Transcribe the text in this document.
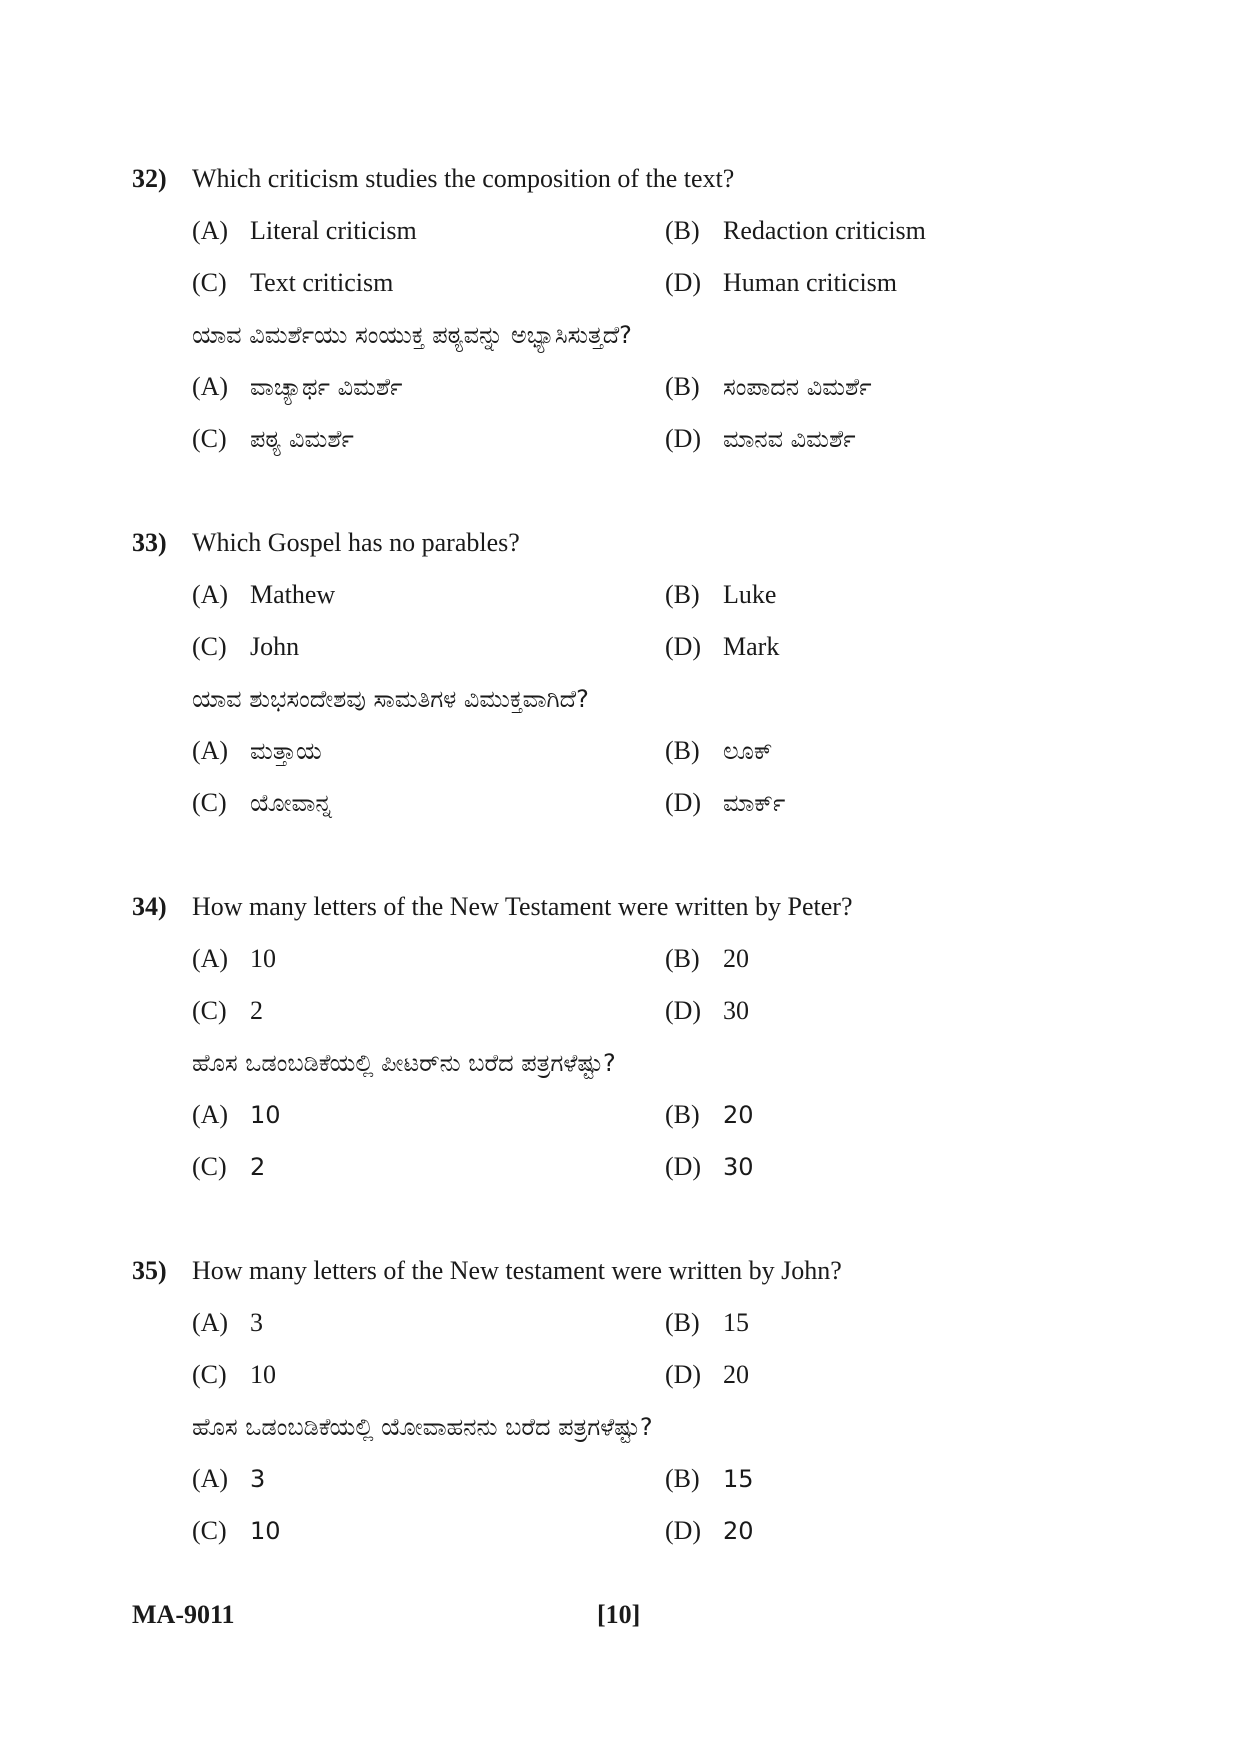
32) Which criticism studies the composition of the text?
(A) Literal criticism	(B) Redaction criticism
(C) Text criticism	(D) Human criticism
ಯಾವ ವಿಮರ್ಶೆಯು ಸಂಯುಕ್ತ ಪಠ್ಯವನ್ನು ಅಭ್ಯಾಸಿಸುತ್ತದೆ?
(A) ವಾಚ್ಯಾರ್ಥ ವಿಮರ್ಶೆ	(B) ಸಂಪಾದನ ವಿಮರ್ಶೆ
(C) ಪಠ್ಯ ವಿಮರ್ಶೆ	(D) ಮಾನವ ವಿಮರ್ಶೆ
33) Which Gospel has no parables?
(A) Mathew	(B) Luke
(C) John	(D) Mark
ಯಾವ ಶುಭಸಂದೇಶವು ಸಾಮತಿಗಳ ವಿಮುಕ್ತವಾಗಿದೆ?
(A) ಮತ್ತಾಯ	(B) ಲೂಕ್
(C) ಯೋವಾನ್ನ	(D) ಮಾರ್ಕ್
34) How many letters of the New Testament were written by Peter?
(A) 10	(B) 20
(C) 2	(D) 30
ಹೊಸ ಒಡಂಬಡಿಕೆಯಲ್ಲಿ ಪೀಟರ್‌ನು ಬರೆದ ಪತ್ರಗಳೆಷ್ಟು?
(A) 10	(B) 20
(C) 2	(D) 30
35) How many letters of the New testament were written by John?
(A) 3	(B) 15
(C) 10	(D) 20
ಹೊಸ ಒಡಂಬಡಿಕೆಯಲ್ಲಿ ಯೋವಾಹನನು ಬರೆದ ಪತ್ರಗಳೆಷ್ಟು?
(A) 3	(B) 15
(C) 10	(D) 20
MA-9011	[10]
